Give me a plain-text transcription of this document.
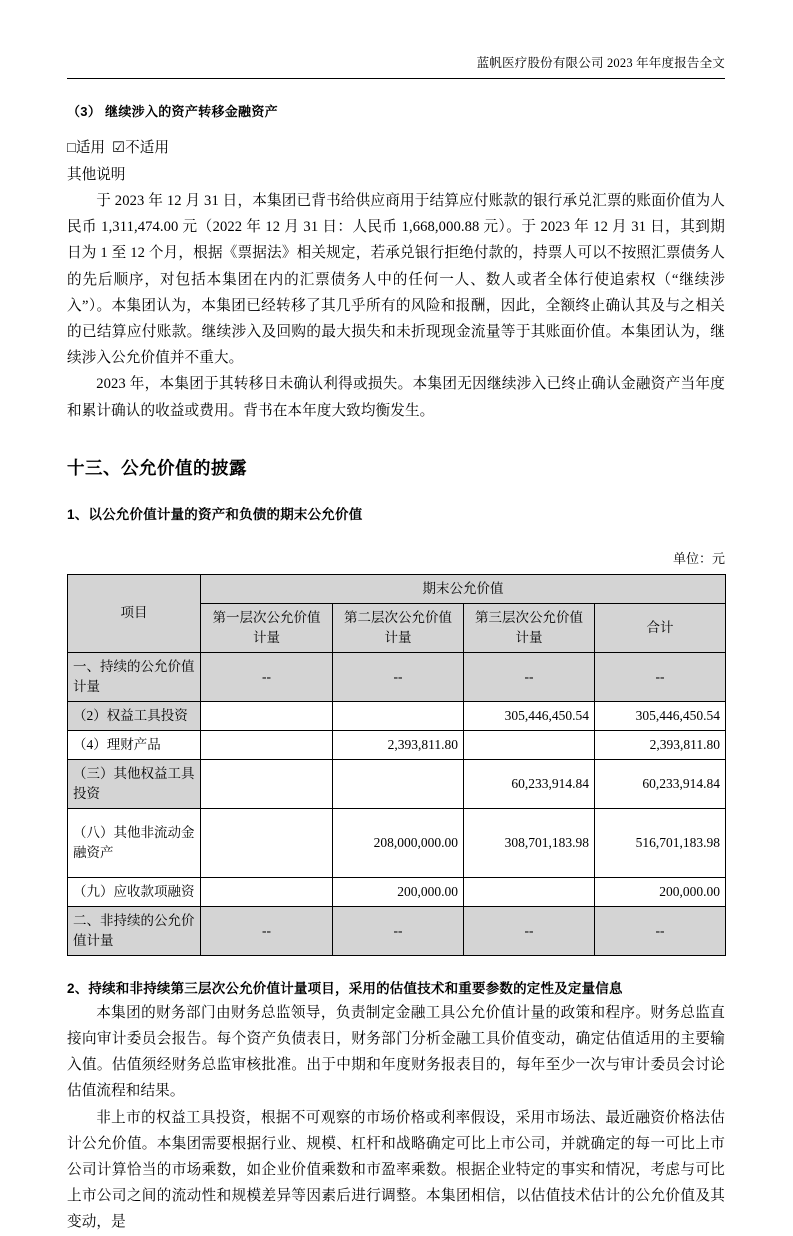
蓝帆医疗股份有限公司 2023 年年度报告全文
（3） 继续涉入的资产转移金融资产
□适用 ☑不适用
其他说明

于 2023 年 12 月 31 日，本集团已背书给供应商用于结算应付账款的银行承兑汇票的账面价值为人民币 1,311,474.00 元（2022 年 12 月 31 日：人民币 1,668,000.88 元）。于 2023 年 12 月 31 日，其到期日为 1 至 12 个月，根据《票据法》相关规定，若承兑银行拒绝付款的，持票人可以不按照汇票债务人的先后顺序，对包括本集团在内的汇票债务人中的任何一人、数人或者全体行使追索权（“继续涉入”）。本集团认为，本集团已经转移了其几乎所有的风险和报酬，因此，全额终止确认其及与之相关的已结算应付账款。继续涉入及回购的最大损失和未折现现金流量等于其账面价值。本集团认为，继续涉入公允价值并不重大。

2023 年，本集团于其转移日未确认利得或损失。本集团无因继续涉入已终止确认金融资产当年度和累计确认的收益或费用。背书在本年度大致均衡发生。

十三、公允价值的披露
1、以公允价值计量的资产和负债的期末公允价值
单位：元
项目	期末公允价值			
	第一层次公允价值计量	第二层次公允价值计量	第三层次公允价值计量	合计
一、持续的公允价值计量	--	--	--	--
（2）权益工具投资			305,446,450.54	305,446,450.54
（4）理财产品		2,393,811.80		2,393,811.80
（三）其他权益工具投资			60,233,914.84	60,233,914.84
（八）其他非流动金融资产		208,000,000.00	308,701,183.98	516,701,183.98
（九）应收款项融资		200,000.00		200,000.00
二、非持续的公允价值计量	--	--	--	--
2、持续和非持续第三层次公允价值计量项目，采用的估值技术和重要参数的定性及定量信息

本集团的财务部门由财务总监领导，负责制定金融工具公允价值计量的政策和程序。财务总监直接向审计委员会报告。每个资产负债表日，财务部门分析金融工具价值变动，确定估值适用的主要输入值。估值须经财务总监审核批准。出于中期和年度财务报表目的，每年至少一次与审计委员会讨论估值流程和结果。

非上市的权益工具投资，根据不可观察的市场价格或利率假设，采用市场法、最近融资价格法估计公允价值。本集团需要根据行业、规模、杠杆和战略确定可比上市公司，并就确定的每一可比上市公司计算恰当的市场乘数，如企业价值乘数和市盈率乘数。根据企业特定的事实和情况，考虑与可比上市公司之间的流动性和规模差异等因素后进行调整。本集团相信，以估值技术估计的公允价值及其变动，是
